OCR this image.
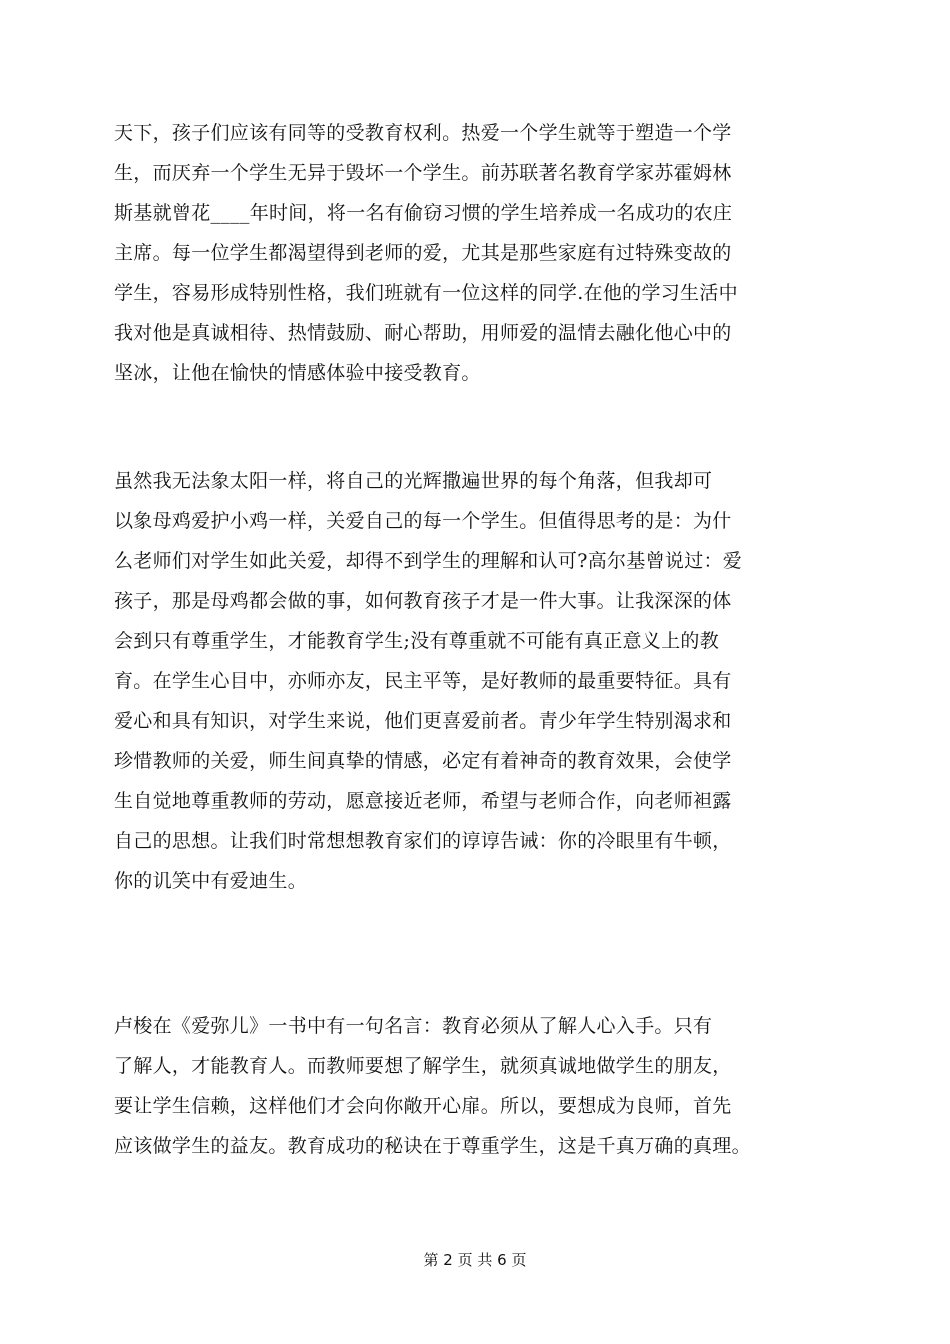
天下，孩子们应该有同等的受教育权利。热爱一个学生就等于塑造一个学
生，而厌弃一个学生无异于毁坏一个学生。前苏联著名教育学家苏霍姆林
斯基就曾花____年时间，将一名有偷窃习惯的学生培养成一名成功的农庄
主席。每一位学生都渴望得到老师的爱，尤其是那些家庭有过特殊变故的
学生，容易形成特别性格，我们班就有一位这样的同学.在他的学习生活中
我对他是真诚相待、热情鼓励、耐心帮助，用师爱的温情去融化他心中的
坚冰，让他在愉快的情感体验中接受教育。
虽然我无法象太阳一样，将自己的光辉撒遍世界的每个角落，但我却可
以象母鸡爱护小鸡一样，关爱自己的每一个学生。但值得思考的是：为什
么老师们对学生如此关爱，却得不到学生的理解和认可?高尔基曾说过：爱
孩子，那是母鸡都会做的事，如何教育孩子才是一件大事。让我深深的体
会到只有尊重学生，才能教育学生;没有尊重就不可能有真正意义上的教
育。在学生心目中，亦师亦友，民主平等，是好教师的最重要特征。具有
爱心和具有知识，对学生来说，他们更喜爱前者。青少年学生特别渴求和
珍惜教师的关爱，师生间真挚的情感，必定有着神奇的教育效果，会使学
生自觉地尊重教师的劳动，愿意接近老师，希望与老师合作，向老师袒露
自己的思想。让我们时常想想教育家们的谆谆告诫：你的冷眼里有牛顿，
你的讥笑中有爱迪生。
卢梭在《爱弥儿》一书中有一句名言：教育必须从了解人心入手。只有
了解人，才能教育人。而教师要想了解学生，就须真诚地做学生的朋友，
要让学生信赖，这样他们才会向你敞开心扉。所以，要想成为良师，首先
应该做学生的益友。教育成功的秘诀在于尊重学生，这是千真万确的真理。
第 2 页 共 6 页
